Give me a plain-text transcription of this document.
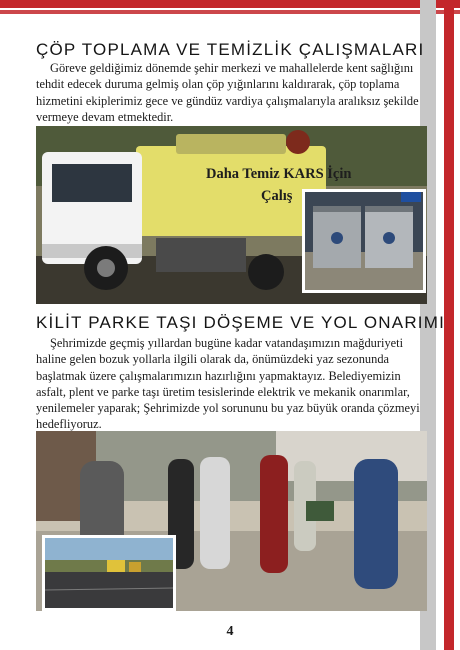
ÇÖP TOPLAMA VE TEMİZLİK ÇALIŞMALARI

Göreve geldiğimiz dönemde şehir merkezi ve mahallelerde kent sağlığını tehdit edecek duruma gelmiş olan çöp yığınlarını kaldırarak, çöp toplama hizmetini ekiplerimiz gece ve gündüz vardiya çalışmalarıyla aralıksız şekilde vermeye devam etmektedir.

Daha Temiz KARS İçin
Çalış
KİLİT PARKE TAŞI DÖŞEME VE YOL ONARIMI

Şehrimizde geçmiş yıllardan bugüne kadar vatandaşımızın mağduriyeti haline gelen bozuk yollarla ilgili olarak da, önümüzdeki yaz sezonunda başlatmak üzere çalışmalarımızın hazırlığını yapmaktayız. Belediyemizin asfalt, plent ve parke taşı üretim tesislerinde elektrik ve mekanik onarımlar, yenilemeler yaparak; Şehrimizde yol sorununu bu yaz büyük oranda çözmeyi hedefliyoruz.

4
